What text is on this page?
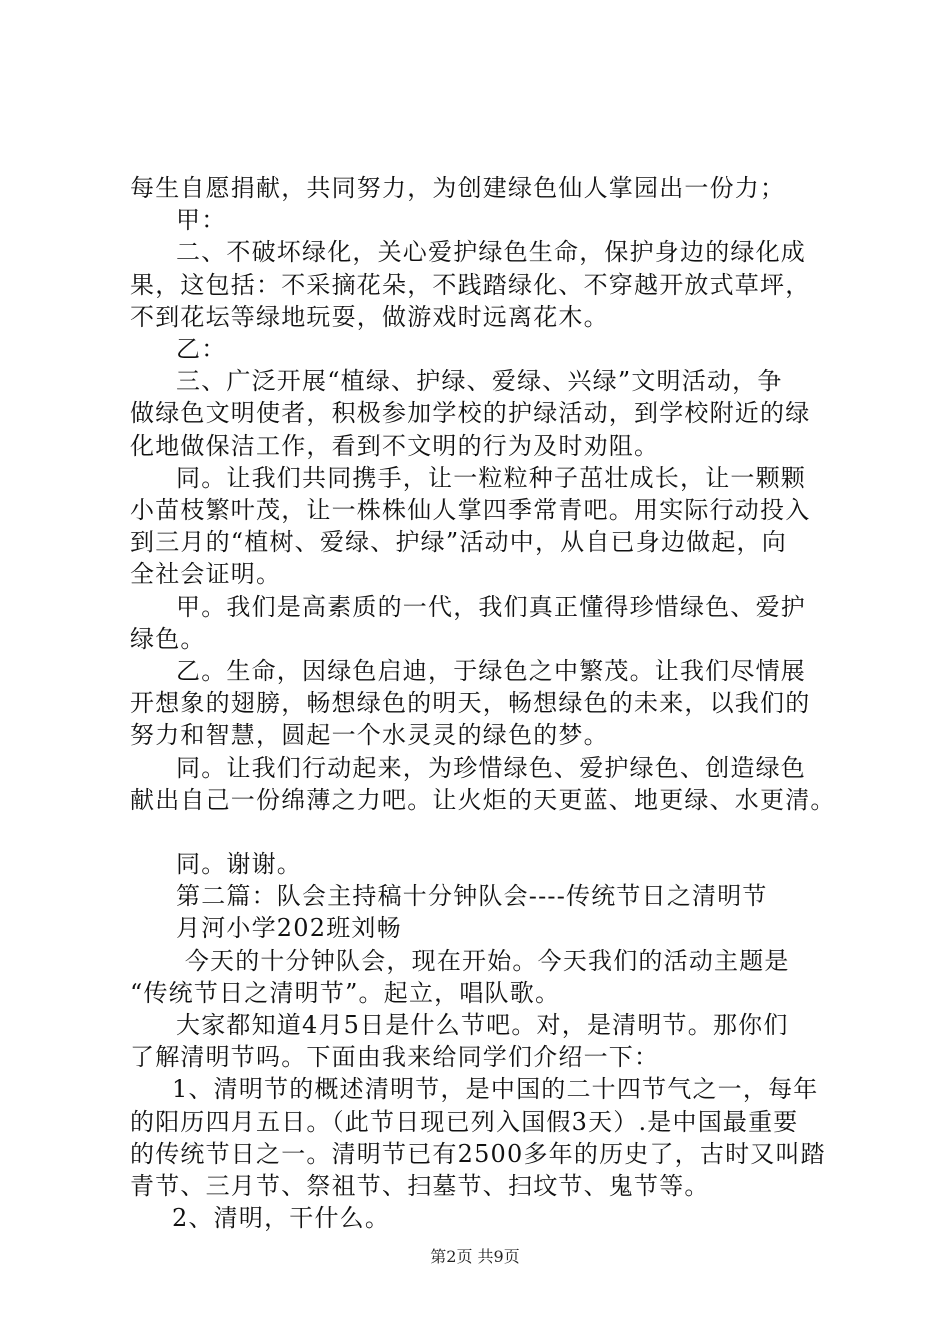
每生自愿捐献，共同努力，为创建绿色仙人掌园出一份力；

甲：

二、不破坏绿化，关心爱护绿色生命，保护身边的绿化成

果，这包括：不采摘花朵，不践踏绿化、不穿越开放式草坪，

不到花坛等绿地玩耍，做游戏时远离花木。

乙：

三、广泛开展“植绿、护绿、爱绿、兴绿”文明活动，争

做绿色文明使者，积极参加学校的护绿活动，到学校附近的绿

化地做保洁工作，看到不文明的行为及时劝阻。

同。让我们共同携手，让一粒粒种子茁壮成长，让一颗颗

小苗枝繁叶茂，让一株株仙人掌四季常青吧。用实际行动投入

到三月的“植树、爱绿、护绿”活动中，从自已身边做起，向

全社会证明。

甲。我们是高素质的一代，我们真正懂得珍惜绿色、爱护

绿色。

乙。生命，因绿色启迪，于绿色之中繁茂。让我们尽情展

开想象的翅膀，畅想绿色的明天，畅想绿色的未来，以我们的

努力和智慧，圆起一个水灵灵的绿色的梦。

同。让我们行动起来，为珍惜绿色、爱护绿色、创造绿色

献出自己一份绵薄之力吧。让火炬的天更蓝、地更绿、水更清。

同。谢谢。

第二篇：队会主持稿十分钟队会----传统节日之清明节

月河小学202班刘畅

今天的十分钟队会，现在开始。今天我们的活动主题是

“传统节日之清明节”。起立，唱队歌。

大家都知道4月5日是什么节吧。对，是清明节。那你们

了解清明节吗。下面由我来给同学们介绍一下：

1、清明节的概述清明节，是中国的二十四节气之一，每年

的阳历四月五日。（此节日现已列入国假3天）.是中国最重要

的传统节日之一。清明节已有2500多年的历史了，古时又叫踏

青节、三月节、祭祖节、扫墓节、扫坟节、鬼节等。

2、清明，干什么。

第2页 共9页
